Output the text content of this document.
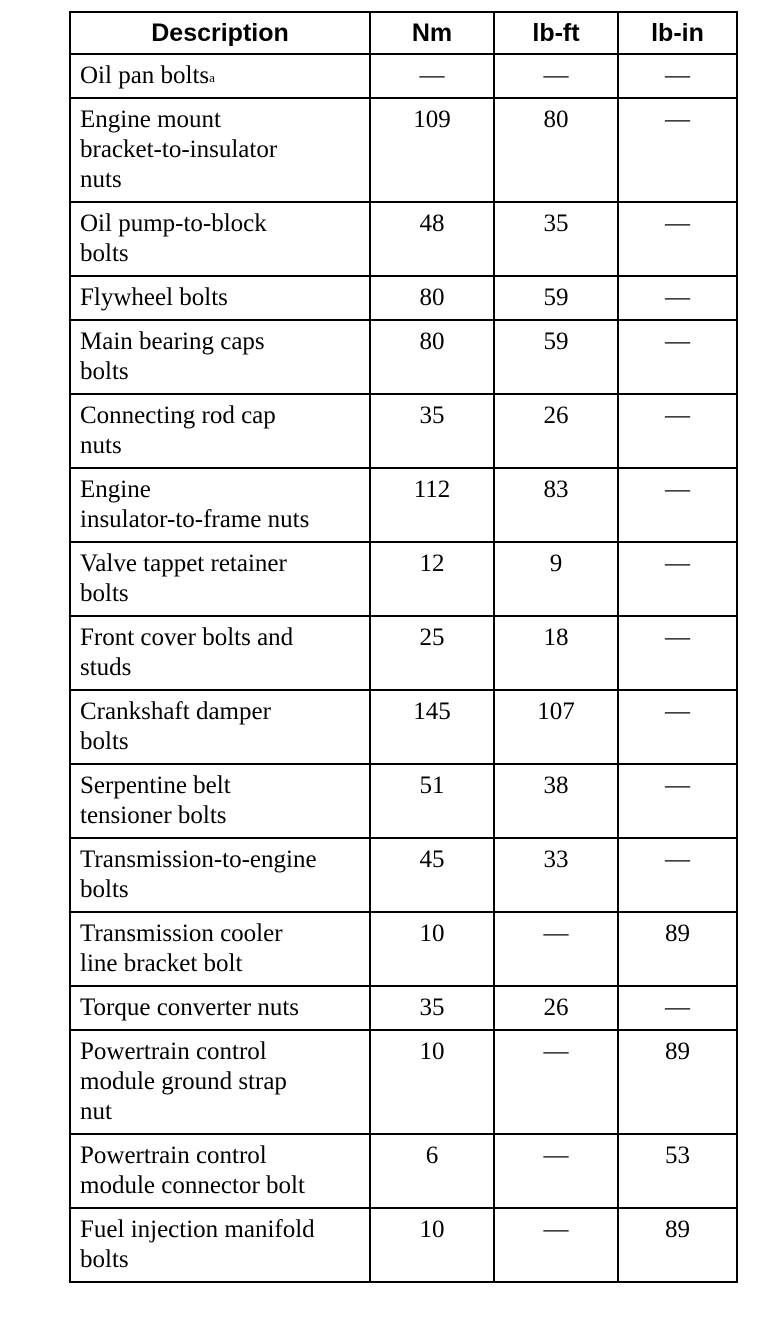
Description	Nm	lb-ft	lb-in
Oil pan bolts$^a$	—	—	—
Engine mount
bracket-to-insulator
nuts	109	80	—
Oil pump-to-block
bolts	48	35	—
Flywheel bolts	80	59	—
Main bearing caps
bolts	80	59	—
Connecting rod cap
nuts	35	26	—
Engine
insulator-to-frame nuts	112	83	—
Valve tappet retainer
bolts	12	9	—
Front cover bolts and
studs	25	18	—
Crankshaft damper
bolts	145	107	—
Serpentine belt
tensioner bolts	51	38	—
Transmission-to-engine
bolts	45	33	—
Transmission cooler
line bracket bolt	10	—	89
Torque converter nuts	35	26	—
Powertrain control
module ground strap
nut	10	—	89
Powertrain control
module connector bolt	6	—	53
Fuel injection manifold
bolts	10	—	89
